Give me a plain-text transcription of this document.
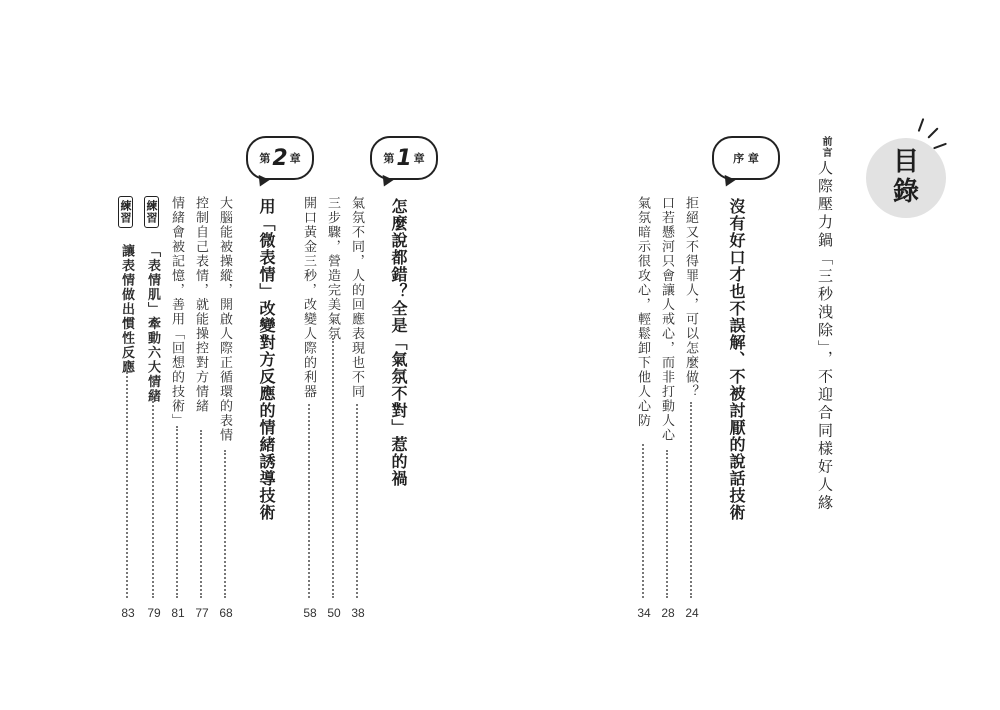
目
錄
前言
人際壓力鍋「三秒洩除」，不迎合同樣好人緣
序 章
沒有好口才也不誤解、不被討厭的說話技術
拒絕又不得罪人，可以怎麼做？
24
口若懸河只會讓人戒心，而非打動人心
28
氣氛暗示很攻心，輕鬆卸下他人心防
34
第 1 章
怎麼說都錯？全是「氣氛不對」惹的禍
氣氛不同，人的回應表現也不同
38
三步驟，營造完美氣氛
50
開口黃金三秒，改變人際的利器
58
第 2 章
用「微表情」改變對方反應的情緒誘導技術
大腦能被操縱，開啟人際正循環的表情
68
控制自己表情，就能操控對方情緒
77
情緒會被記憶，善用「回想的技術」
81
練習
「表情肌」牽動六大情緒
79
練習
讓表情做出慣性反應
83
